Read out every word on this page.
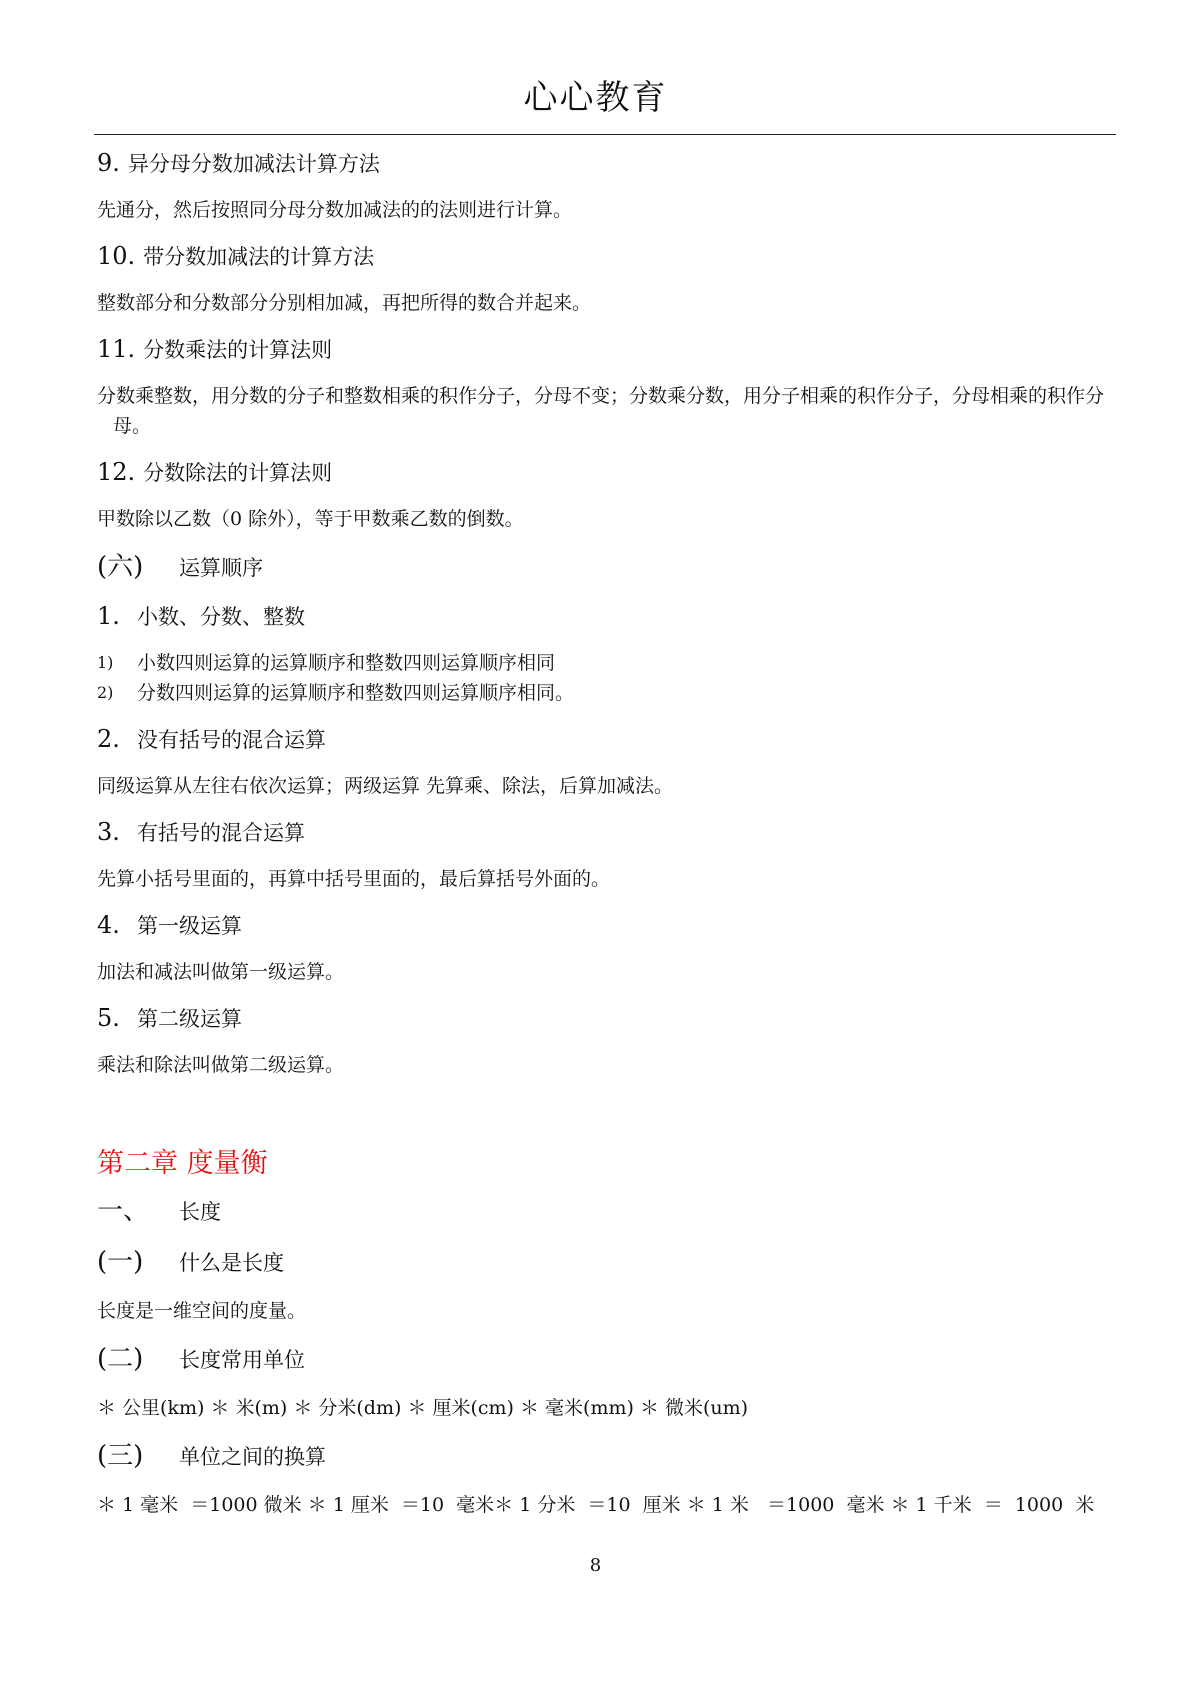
心心教育
9. 异分母分数加减法计算方法
先通分，然后按照同分母分数加减法的的法则进行计算。
10. 带分数加减法的计算方法
整数部分和分数部分分别相加减，再把所得的数合并起来。
11. 分数乘法的计算法则
分数乘整数，用分数的分子和整数相乘的积作分子，分母不变；分数乘分数，用分子相乘的积作分子，分母相乘的积作分母。
12. 分数除法的计算法则
甲数除以乙数（0 除外），等于甲数乘乙数的倒数。
(六)	运算顺序
1. 小数、分数、整数
1)	小数四则运算的运算顺序和整数四则运算顺序相同
2)	分数四则运算的运算顺序和整数四则运算顺序相同。
2. 没有括号的混合运算
同级运算从左往右依次运算；两级运算 先算乘、除法，后算加减法。
3. 有括号的混合运算
先算小括号里面的，再算中括号里面的，最后算括号外面的。
4. 第一级运算
加法和减法叫做第一级运算。
5. 第二级运算
乘法和除法叫做第二级运算。
第二章 度量衡
一、	长度
(一)	什么是长度
长度是一维空间的度量。
(二)	长度常用单位
＊ 公里(km) ＊ 米(m) ＊ 分米(dm) ＊ 厘米(cm) ＊ 毫米(mm) ＊ 微米(um)
(三)	单位之间的换算
＊ 1 毫米  ＝1000 微米 ＊ 1 厘米  ＝10  毫米＊ 1 分米  ＝10  厘米 ＊ 1 米   ＝1000  毫米 ＊ 1 千米  ＝  1000  米
8
